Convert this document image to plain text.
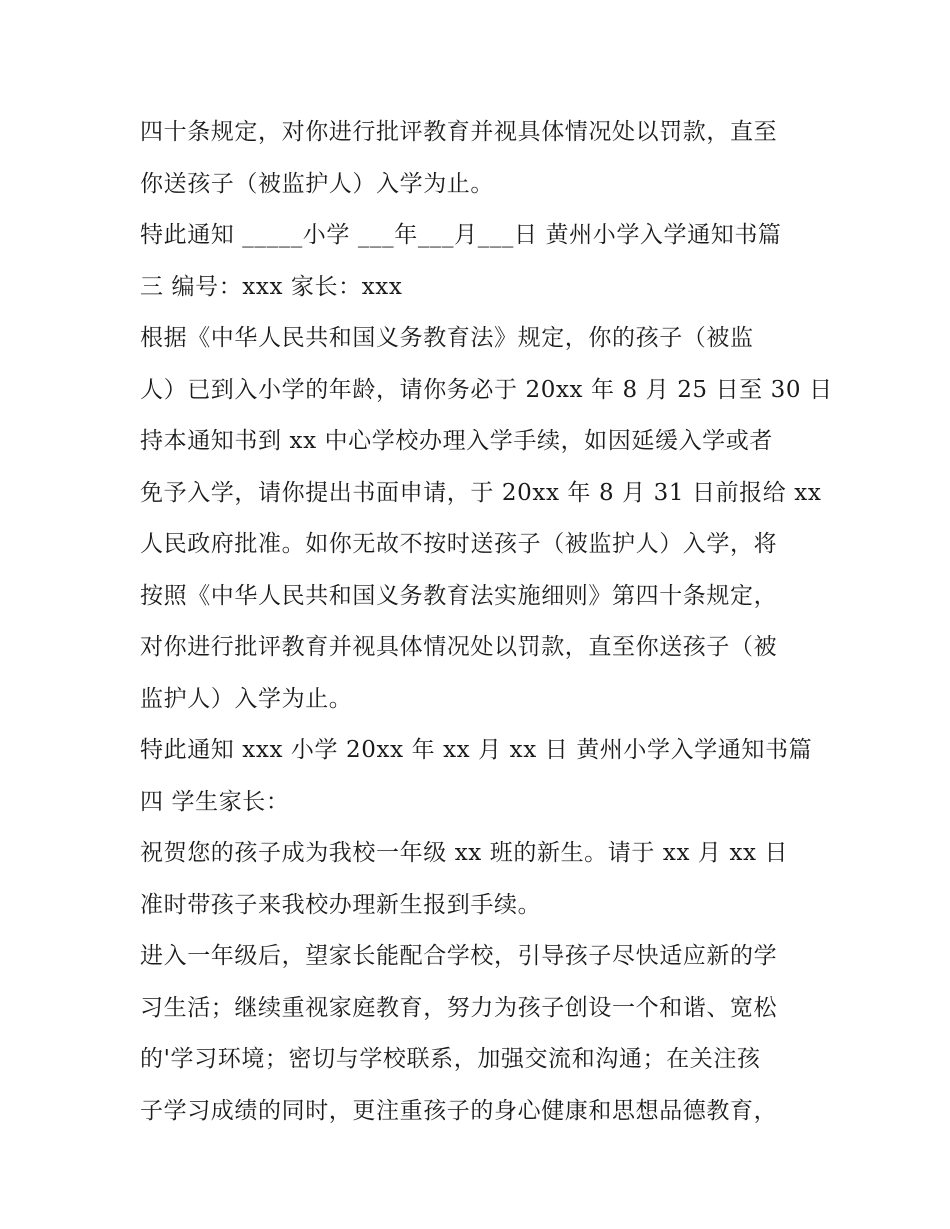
四十条规定，对你进行批评教育并视具体情况处以罚款，直至
你送孩子（被监护人）入学为止。
特此通知 _____小学 ___年___月___日 黄州小学入学通知书篇
三 编号：xxx 家长：xxx
根据《中华人民共和国义务教育法》规定，你的孩子（被监
人）已到入小学的年龄，请你务必于 20xx 年 8 月 25 日至 30 日
持本通知书到 xx 中心学校办理入学手续，如因延缓入学或者
免予入学，请你提出书面申请，于 20xx 年 8 月 31 日前报给 xx
人民政府批准。如你无故不按时送孩子（被监护人）入学，将
按照《中华人民共和国义务教育法实施细则》第四十条规定，
对你进行批评教育并视具体情况处以罚款，直至你送孩子（被
监护人）入学为止。
特此通知 xxx 小学 20xx 年 xx 月 xx 日 黄州小学入学通知书篇
四 学生家长：
祝贺您的孩子成为我校一年级 xx 班的新生。请于 xx 月 xx 日
准时带孩子来我校办理新生报到手续。
进入一年级后，望家长能配合学校，引导孩子尽快适应新的学
习生活；继续重视家庭教育，努力为孩子创设一个和谐、宽松
的'学习环境；密切与学校联系，加强交流和沟通；在关注孩
子学习成绩的同时，更注重孩子的身心健康和思想品德教育，
